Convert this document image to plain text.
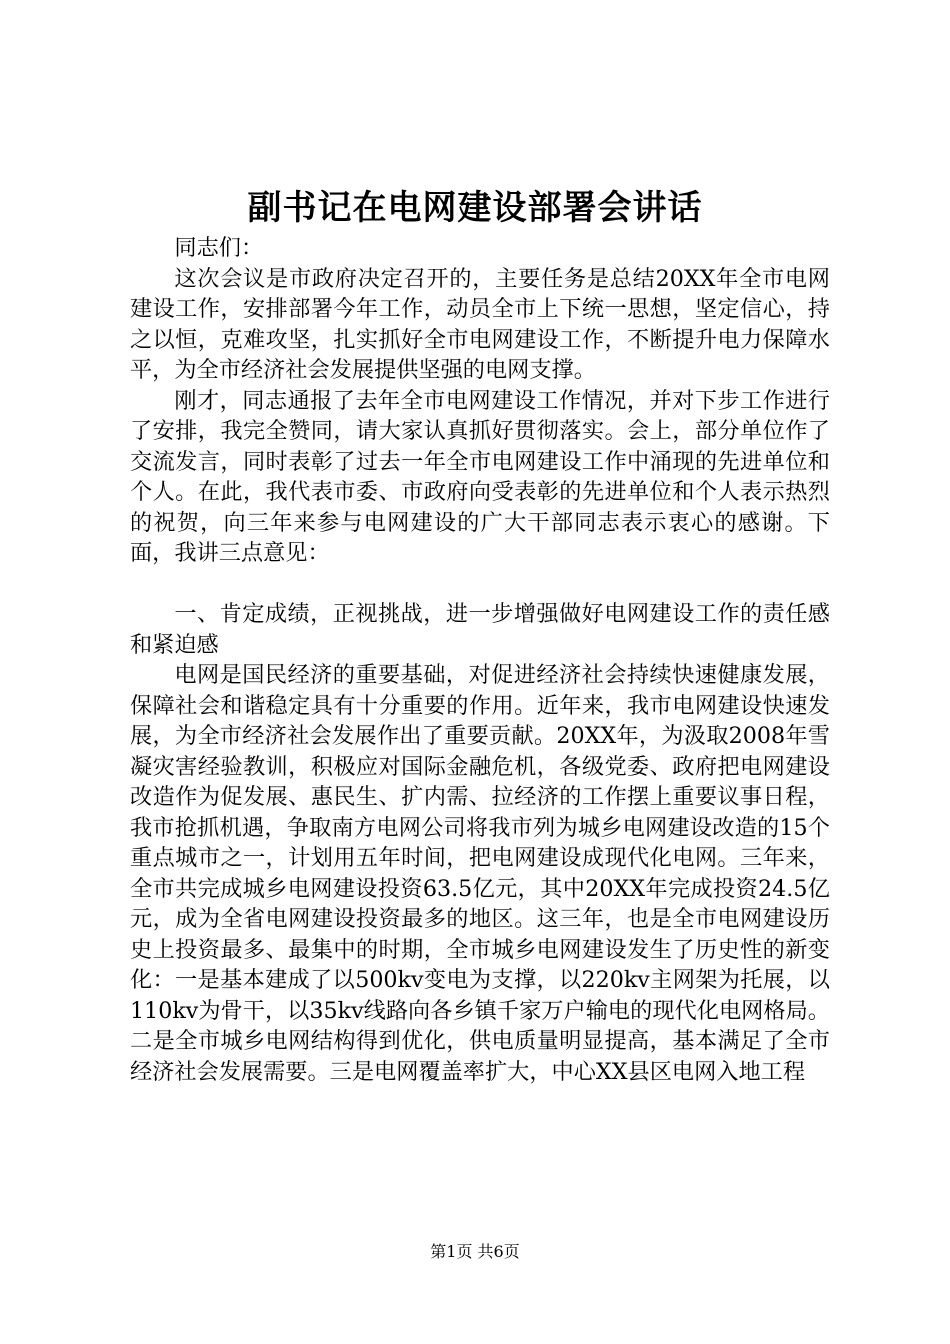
副书记在电网建设部署会讲话

同志们：

这次会议是市政府决定召开的，主要任务是总结20XX年全市电网建设工作，安排部署今年工作，动员全市上下统一思想，坚定信心，持之以恒，克难攻坚，扎实抓好全市电网建设工作，不断提升电力保障水平，为全市经济社会发展提供坚强的电网支撑。

刚才，同志通报了去年全市电网建设工作情况，并对下步工作进行了安排，我完全赞同，请大家认真抓好贯彻落实。会上，部分单位作了交流发言，同时表彰了过去一年全市电网建设工作中涌现的先进单位和个人。在此，我代表市委、市政府向受表彰的先进单位和个人表示热烈的祝贺，向三年来参与电网建设的广大干部同志表示衷心的感谢。下面，我讲三点意见：

一、肯定成绩，正视挑战，进一步增强做好电网建设工作的责任感和紧迫感

电网是国民经济的重要基础，对促进经济社会持续快速健康发展，保障社会和谐稳定具有十分重要的作用。近年来，我市电网建设快速发展，为全市经济社会发展作出了重要贡献。20XX年，为汲取2008年雪凝灾害经验教训，积极应对国际金融危机，各级党委、政府把电网建设改造作为促发展、惠民生、扩内需、拉经济的工作摆上重要议事日程，我市抢抓机遇，争取南方电网公司将我市列为城乡电网建设改造的15个重点城市之一，计划用五年时间，把电网建设成现代化电网。三年来，全市共完成城乡电网建设投资63.5亿元，其中20XX年完成投资24.5亿元，成为全省电网建设投资最多的地区。这三年，也是全市电网建设历史上投资最多、最集中的时期，全市城乡电网建设发生了历史性的新变化：一是基本建成了以500kv变电为支撑，以220kv主网架为托展，以110kv为骨干，以35kv线路向各乡镇千家万户输电的现代化电网格局。二是全市城乡电网结构得到优化，供电质量明显提高，基本满足了全市经济社会发展需要。三是电网覆盖率扩大，中心XX县区电网入地工程

第1页 共6页
